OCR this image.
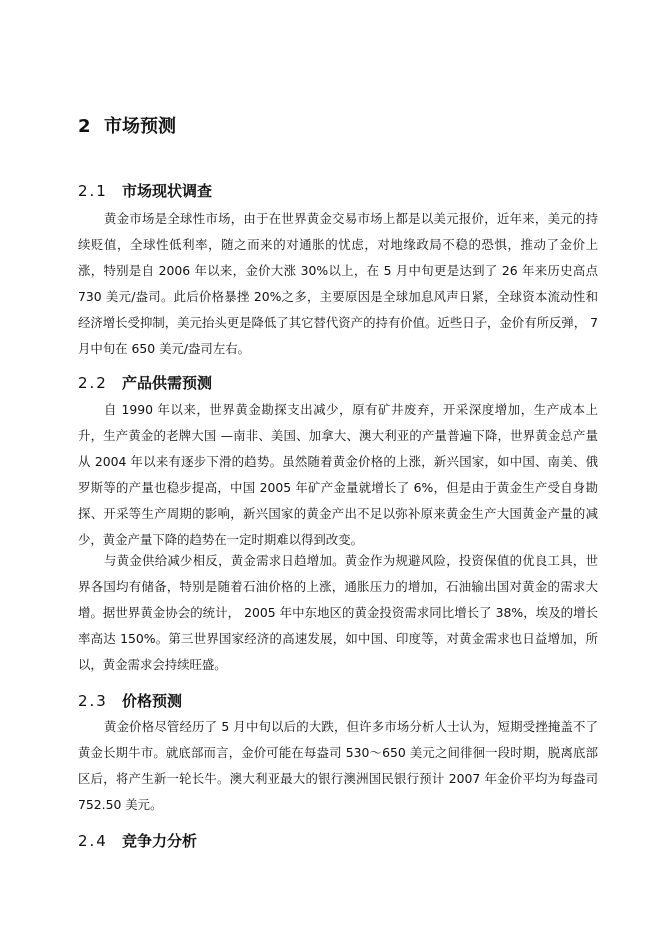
2 市场预测
2.1 市场现状调查

黄金市场是全球性市场，由于在世界黄金交易市场上都是以美元报价，近年来，美元的持续贬值，全球性低利率，随之而来的对通胀的忧虑，对地缘政局不稳的恐惧，推动了金价上涨，特别是自 2006 年以来，金价大涨 30%以上，在 5 月中旬更是达到了 26 年来历史高点 730 美元/盎司。此后价格暴挫 20%之多，主要原因是全球加息风声日紧，全球资本流动性和经济增长受抑制，美元抬头更是降低了其它替代资产的持有价值。近些日子，金价有所反弹， 7 月中旬在 650 美元/盎司左右。

2.2 产品供需预测

自 1990 年以来，世界黄金勘探支出减少，原有矿井废弃，开采深度增加，生产成本上升，生产黄金的老牌大国 —南非、美国、加拿大、澳大利亚的产量普遍下降，世界黄金总产量从 2004 年以来有逐步下滑的趋势。虽然随着黄金价格的上涨，新兴国家，如中国、南美、俄罗斯等的产量也稳步提高，中国 2005 年矿产金量就增长了 6%，但是由于黄金生产受自身勘探、开采等生产周期的影响，新兴国家的黄金产出不足以弥补原来黄金生产大国黄金产量的减少，黄金产量下降的趋势在一定时期难以得到改变。

与黄金供给减少相反，黄金需求日趋增加。黄金作为规避风险，投资保值的优良工具，世界各国均有储备，特别是随着石油价格的上涨，通胀压力的增加，石油输出国对黄金的需求大增。据世界黄金协会的统计， 2005 年中东地区的黄金投资需求同比增长了 38%，埃及的增长率高达 150%。第三世界国家经济的高速发展，如中国、印度等，对黄金需求也日益增加，所以，黄金需求会持续旺盛。

2.3 价格预测

黄金价格尽管经历了 5 月中旬以后的大跌，但许多市场分析人士认为，短期受挫掩盖不了黄金长期牛市。就底部而言，金价可能在每盎司 530～650 美元之间徘徊一段时期，脱离底部区后，将产生新一轮长牛。澳大利亚最大的银行澳洲国民银行预计 2007 年金价平均为每盎司 752.50 美元。

2.4 竞争力分析
